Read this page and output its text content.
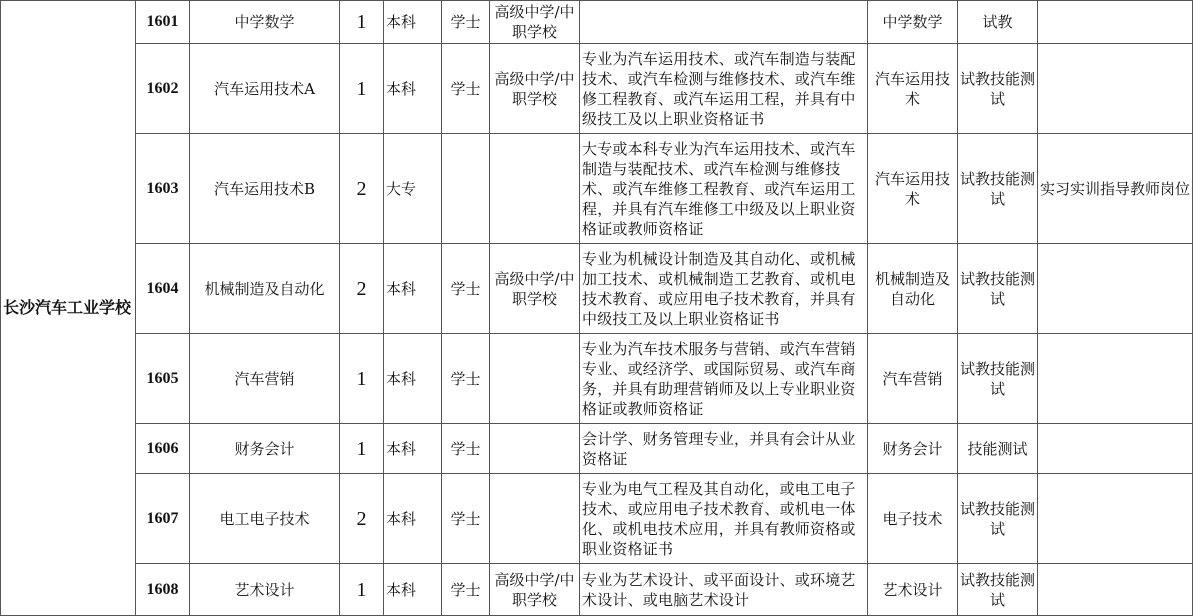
长沙汽车工业学校	1601	中学数学	1	本科	学士	高级中学/中职学校		中学数学	试教	
	1602	汽车运用技术A	1	本科	学士	高级中学/中职学校	专业为汽车运用技术、或汽车制造与装配技术、或汽车检测与维修技术、或汽车维修工程教育、或汽车运用工程，并具有中级技工及以上职业资格证书	汽车运用技术	试教技能测试	
	1603	汽车运用技术B	2	大专			大专或本科专业为汽车运用技术、或汽车制造与装配技术、或汽车检测与维修技术、或汽车维修工程教育、或汽车运用工程，并具有汽车维修工中级及以上职业资格证或教师资格证	汽车运用技术	试教技能测试	实习实训指导教师岗位
	1604	机械制造及自动化	2	本科	学士	高级中学/中职学校	专业为机械设计制造及其自动化、或机械加工技术、或机械制造工艺教育、或机电技术教育、或应用电子技术教育，并具有中级技工及以上职业资格证书	机械制造及自动化	试教技能测试	
	1605	汽车营销	1	本科	学士		专业为汽车技术服务与营销、或汽车营销专业、或经济学、或国际贸易、或汽车商务，并具有助理营销师及以上专业职业资格证或教师资格证	汽车营销	试教技能测试	
	1606	财务会计	1	本科	学士		会计学、财务管理专业，并具有会计从业资格证	财务会计	技能测试	
	1607	电工电子技术	2	本科	学士		专业为电气工程及其自动化，或电工电子技术、或应用电子技术教育、或机电一体化、或机电技术应用，并具有教师资格或职业资格证书	电子技术	试教技能测试	
	1608	艺术设计	1	本科	学士	高级中学/中职学校	专业为艺术设计、或平面设计、或环境艺术设计、或电脑艺术设计	艺术设计	试教技能测试	
